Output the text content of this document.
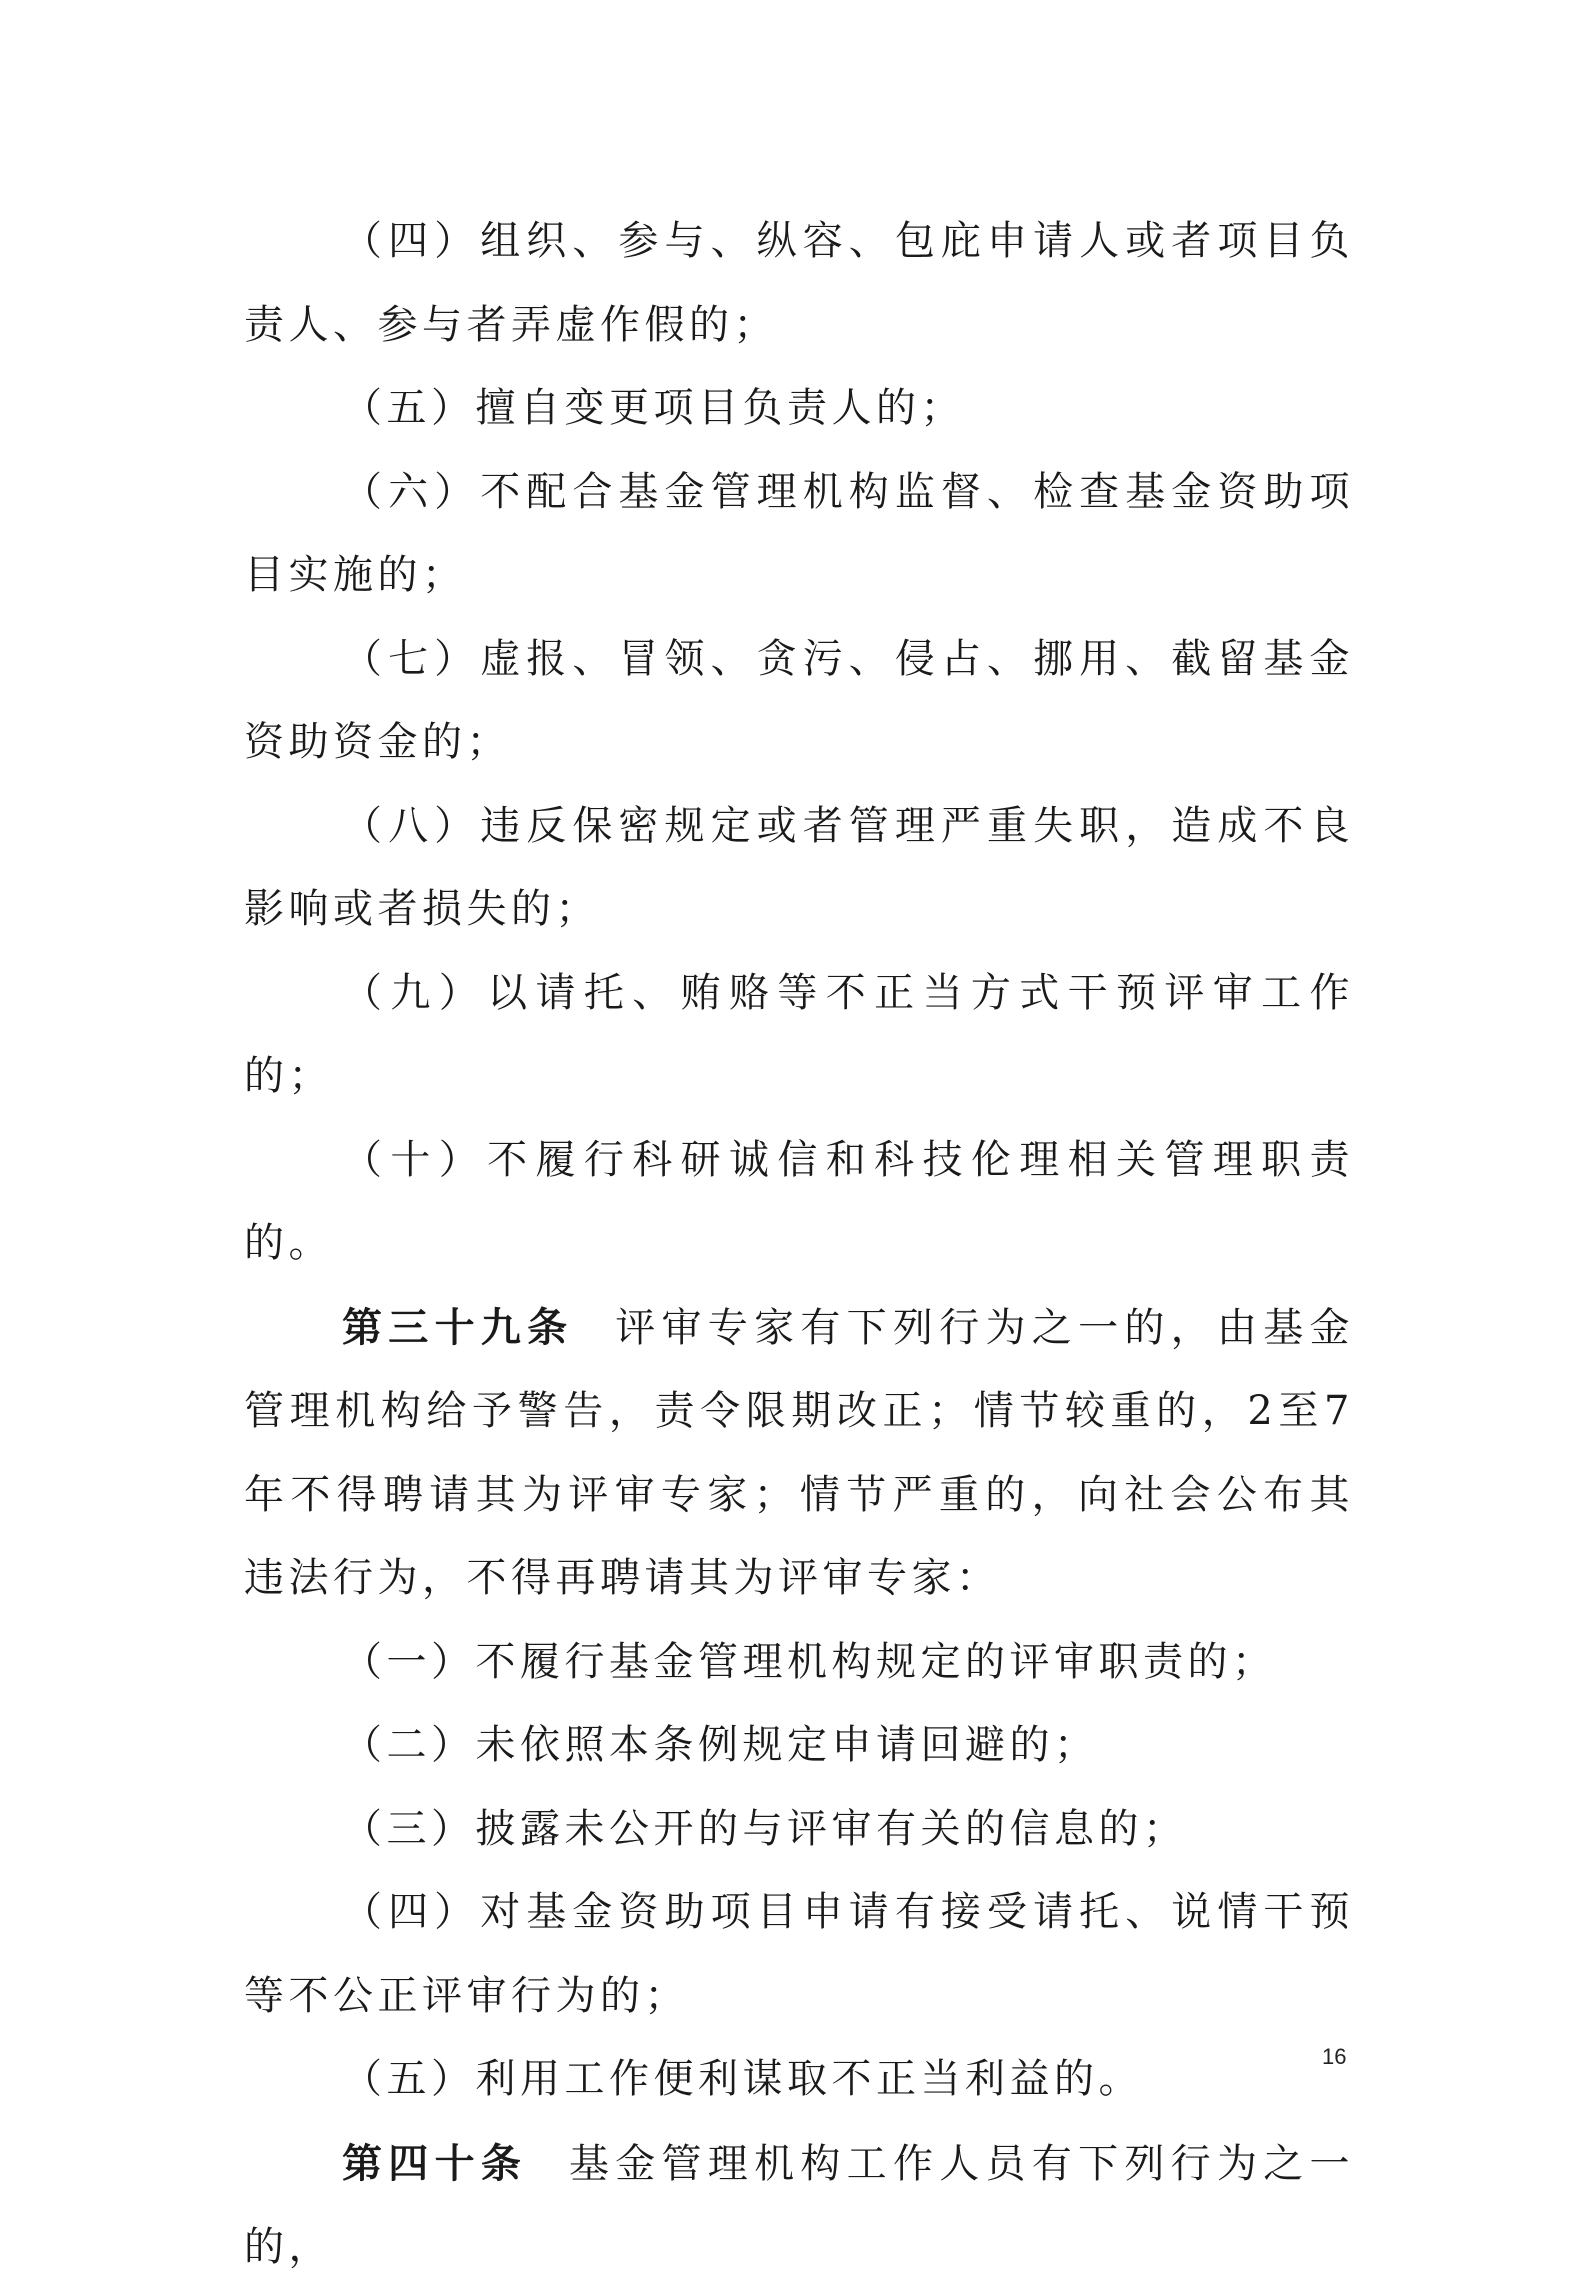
（四）组织、参与、纵容、包庇申请人或者项目负责人、参与者弄虚作假的；

（五）擅自变更项目负责人的；

（六）不配合基金管理机构监督、检查基金资助项目实施的；

（七）虚报、冒领、贪污、侵占、挪用、截留基金资助资金的；

（八）违反保密规定或者管理严重失职，造成不良影响或者损失的；

（九）以请托、贿赂等不正当方式干预评审工作的；

（十）不履行科研诚信和科技伦理相关管理职责的。

第三十九条 评审专家有下列行为之一的，由基金管理机构给予警告，责令限期改正；情节较重的，2至7年不得聘请其为评审专家；情节严重的，向社会公布其违法行为，不得再聘请其为评审专家：

（一）不履行基金管理机构规定的评审职责的；

（二）未依照本条例规定申请回避的；

（三）披露未公开的与评审有关的信息的；

（四）对基金资助项目申请有接受请托、说情干预等不公正评审行为的；

（五）利用工作便利谋取不正当利益的。

第四十条 基金管理机构工作人员有下列行为之一的，

16
